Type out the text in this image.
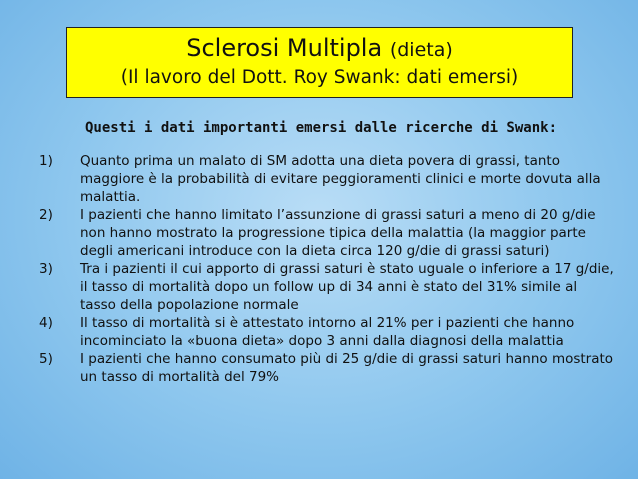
Sclerosi Multipla (dieta)
(Il lavoro del Dott. Roy Swank: dati emersi)
Questi i dati importanti emersi dalle ricerche di Swank:
1) Quanto prima un malato di SM adotta una dieta povera di grassi, tanto maggiore è la probabilità di evitare peggioramenti clinici e morte dovuta alla malattia.
2) I pazienti che hanno limitato l’assunzione di grassi saturi a meno di 20 g/die non hanno mostrato la progressione tipica della malattia (la maggior parte degli americani introduce con la dieta circa 120 g/die di grassi saturi)
3) Tra i pazienti il cui apporto di grassi saturi è stato uguale o inferiore a 17 g/die, il tasso di mortalità dopo un follow up di 34 anni è stato del 31% simile al tasso della popolazione normale
4) Il tasso di mortalità si è attestato intorno al 21% per i pazienti che hanno incominciato la «buona dieta» dopo 3 anni dalla diagnosi della malattia
5) I pazienti che hanno consumato più di 25 g/die di grassi saturi hanno mostrato un tasso di mortalità del 79%
